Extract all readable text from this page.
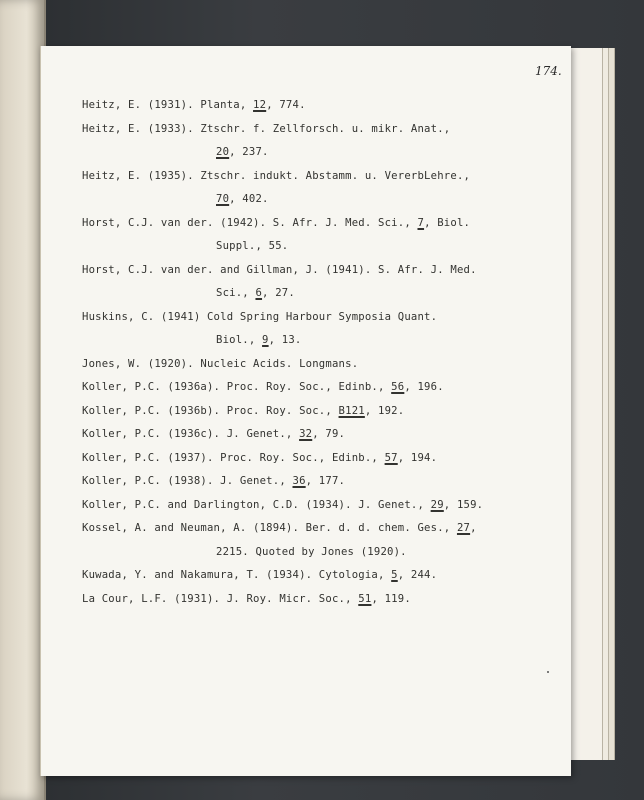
174.
Heitz, E. (1931). Planta, 12, 774.
Heitz, E. (1933). Ztschr. f. Zellforsch. u. mikr. Anat.,
20, 237.
Heitz, E. (1935). Ztschr. indukt. Abstamm. u. VererbLehre.,
70, 402.
Horst, C.J. van der. (1942). S. Afr. J. Med. Sci., 7, Biol.
Suppl., 55.
Horst, C.J. van der. and Gillman, J. (1941). S. Afr. J. Med.
Sci., 6, 27.
Huskins, C. (1941) Cold Spring Harbour Symposia Quant.
Biol., 9, 13.
Jones, W. (1920). Nucleic Acids. Longmans.
Koller, P.C. (1936a). Proc. Roy. Soc., Edinb., 56, 196.
Koller, P.C. (1936b). Proc. Roy. Soc., B121, 192.
Koller, P.C. (1936c). J. Genet., 32, 79.
Koller, P.C. (1937). Proc. Roy. Soc., Edinb., 57, 194.
Koller, P.C. (1938). J. Genet., 36, 177.
Koller, P.C. and Darlington, C.D. (1934). J. Genet., 29, 159.
Kossel, A. and Neuman, A. (1894). Ber. d. d. chem. Ges., 27,
2215. Quoted by Jones (1920).
Kuwada, Y. and Nakamura, T. (1934). Cytologia, 5, 244.
La Cour, L.F. (1931). J. Roy. Micr. Soc., 51, 119.
